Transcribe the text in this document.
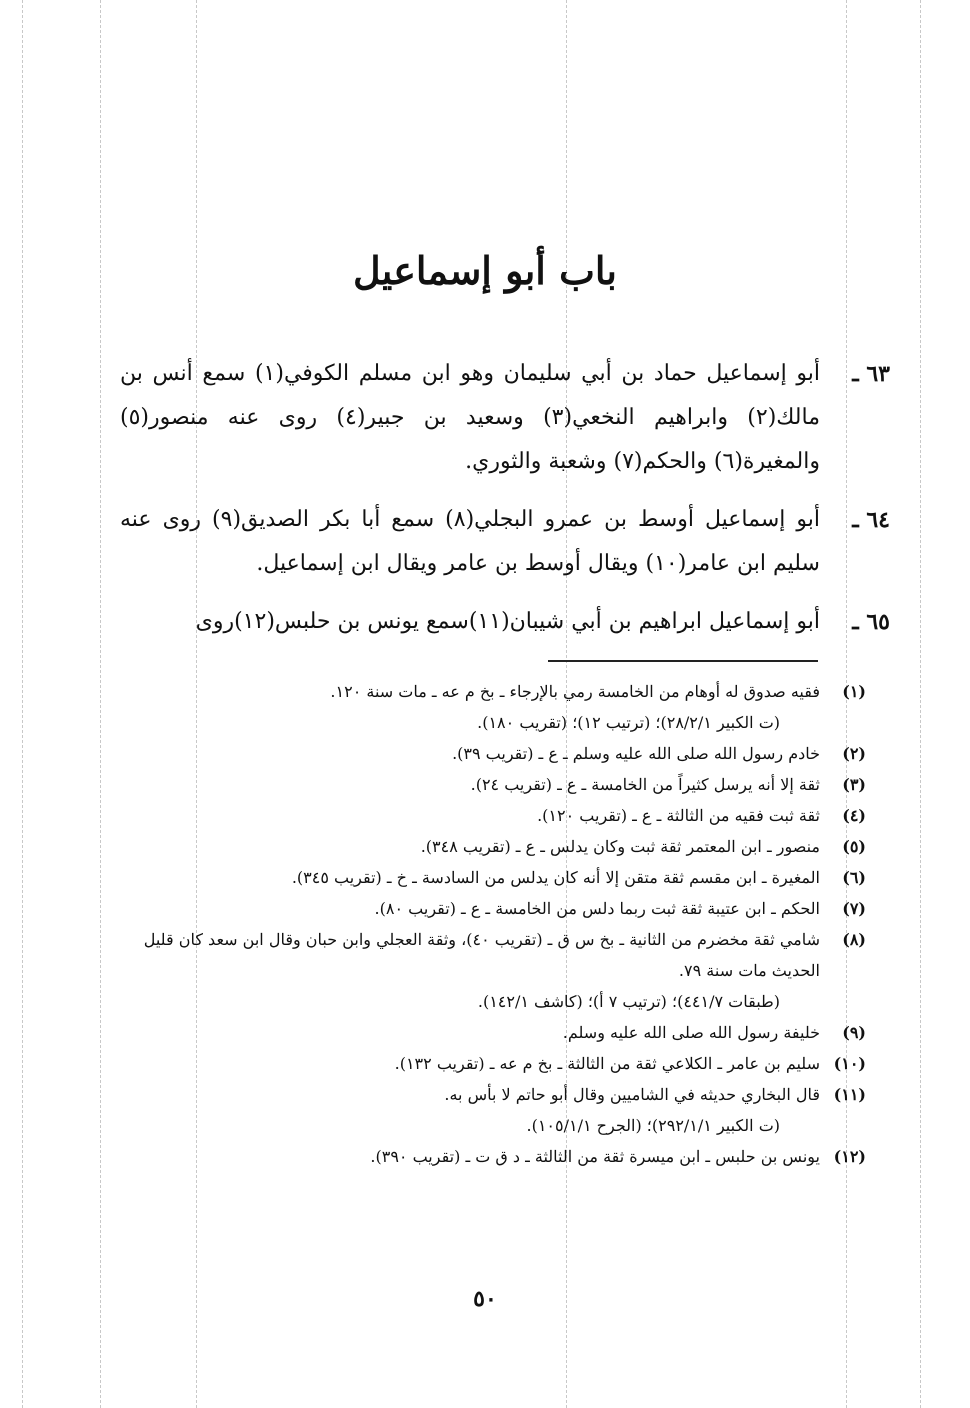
باب أبو إسماعيل
٦٣ ـ
أبو إسماعيل حماد بن أبي سليمان وهو ابن مسلم الكوفي(١) سمع أنس بن مالك(٢) وابراهيم النخعي(٣) وسعيد بن جبير(٤) روى عنه منصور(٥) والمغيرة(٦) والحكم(٧) وشعبة والثوري.
٦٤ ـ
أبو إسماعيل أوسط بن عمرو البجلي(٨) سمع أبا بكر الصديق(٩) روى عنه سليم ابن عامر(١٠) ويقال أوسط بن عامر ويقال ابن إسماعيل.
٦٥ ـ
أبو إسماعيل ابراهيم بن أبي شيبان(١١)سمع يونس بن حلبس(١٢)روى
(١)
فقيه صدوق له أوهام من الخامسة رمي بالإرجاء ـ بخ م عه ـ مات سنة ١٢٠.
(ت الكبير ٢٨/٢/١)؛ (ترتيب ١٢)؛ (تقريب ١٨٠).
(٢)
خادم رسول الله صلى الله عليه وسلم ـ ع ـ (تقريب ٣٩).
(٣)
ثقة إلا أنه يرسل كثيراً من الخامسة ـ ع ـ (تقريب ٢٤).
(٤)
ثقة ثبت فقيه من الثالثة ـ ع ـ (تقريب ١٢٠).
(٥)
منصور ـ ابن المعتمر ثقة ثبت وكان يدلس ـ ع ـ (تقريب ٣٤٨).
(٦)
المغيرة ـ ابن مقسم ثقة متقن إلا أنه كان يدلس من السادسة ـ خ ـ (تقريب ٣٤٥).
(٧)
الحكم ـ ابن عتيبة ثقة ثبت ربما دلس من الخامسة ـ ع ـ (تقريب ٨٠).
(٨)
شامي ثقة مخضرم من الثانية ـ بخ س ق ـ (تقريب ٤٠)، وثقة العجلي وابن حبان وقال ابن سعد كان قليل الحديث مات سنة ٧٩.
(طبقات ٤٤١/٧)؛ (ترتيب ٧ أ)؛ (كاشف ١٤٢/١).
(٩)
خليفة رسول الله صلى الله عليه وسلم.
(١٠)
سليم بن عامر ـ الكلاعي ثقة من الثالثة ـ بخ م عه ـ (تقريب ١٣٢).
(١١)
قال البخاري حديثه في الشاميين وقال أبو حاتم لا بأس به.
(ت الكبير ٢٩٢/١/١)؛ (الجرح ١٠٥/١/١).
(١٢)
يونس بن حلبس ـ ابن ميسرة ثقة من الثالثة ـ د ق ت ـ (تقريب ٣٩٠).
٥٠
